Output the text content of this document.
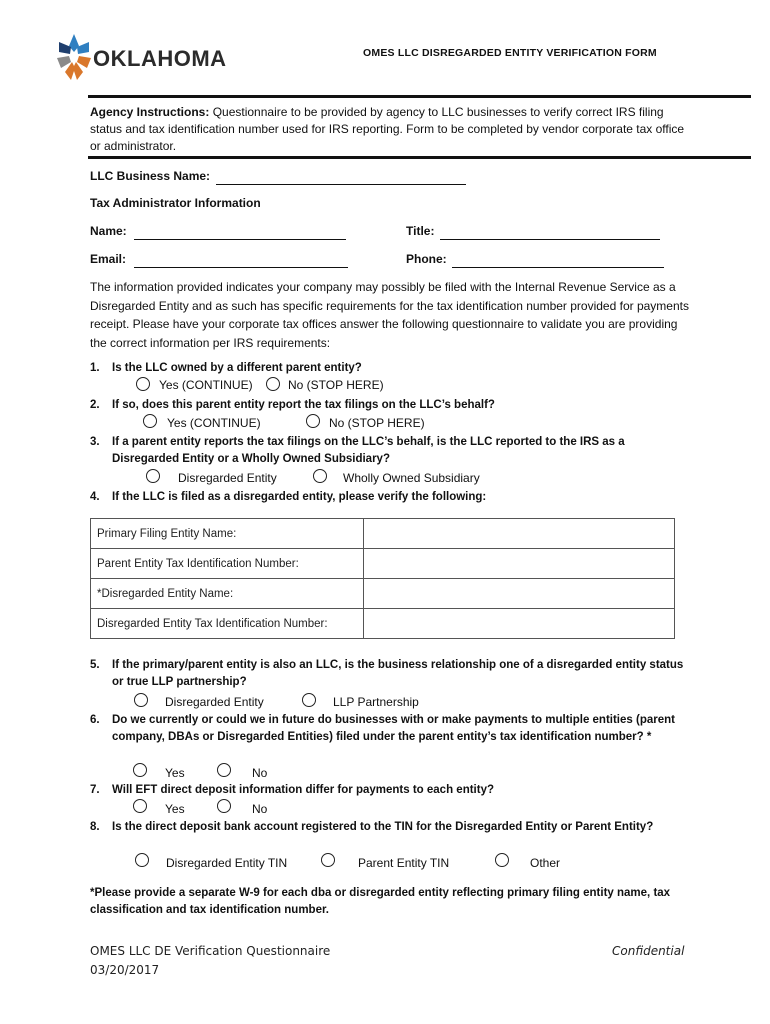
OKLAHOMA	OMES LLC DISREGARDED ENTITY VERIFICATION FORM
Agency Instructions: Questionnaire to be provided by agency to LLC businesses to verify correct IRS filing status and tax identification number used for IRS reporting. Form to be completed by vendor corporate tax office or administrator.
LLC Business Name:
Tax Administrator Information
Name:	Title:
Email:	Phone:
The information provided indicates your company may possibly be filed with the Internal Revenue Service as a Disregarded Entity and as such has specific requirements for the tax identification number provided for payments receipt. Please have your corporate tax offices answer the following questionnaire to validate you are providing the correct information per IRS requirements:
1. Is the LLC owned by a different parent entity?
Yes (CONTINUE)	No (STOP HERE)
2. If so, does this parent entity report the tax filings on the LLC’s behalf?
Yes (CONTINUE)	No (STOP HERE)
3. If a parent entity reports the tax filings on the LLC’s behalf, is the LLC reported to the IRS as a Disregarded Entity or a Wholly Owned Subsidiary?
Disregarded Entity	Wholly Owned Subsidiary
4. If the LLC is filed as a disregarded entity, please verify the following:
Primary Filing Entity Name:	
Parent Entity Tax Identification Number:	
*Disregarded Entity Name:	
Disregarded Entity Tax Identification Number:	
5. If the primary/parent entity is also an LLC, is the business relationship one of a disregarded entity status or true LLP partnership?
Disregarded Entity	LLP Partnership
6. Do we currently or could we in future do businesses with or make payments to multiple entities (parent company, DBAs or Disregarded Entities) filed under the parent entity’s tax identification number? *
Yes	No
7. Will EFT direct deposit information differ for payments to each entity?
Yes	No
8. Is the direct deposit bank account registered to the TIN for the Disregarded Entity or Parent Entity?
Disregarded Entity TIN	Parent Entity TIN	Other
*Please provide a separate W-9 for each dba or disregarded entity reflecting primary filing entity name, tax classification and tax identification number.
OMES LLC DE Verification Questionnaire
03/20/2017
Confidential
